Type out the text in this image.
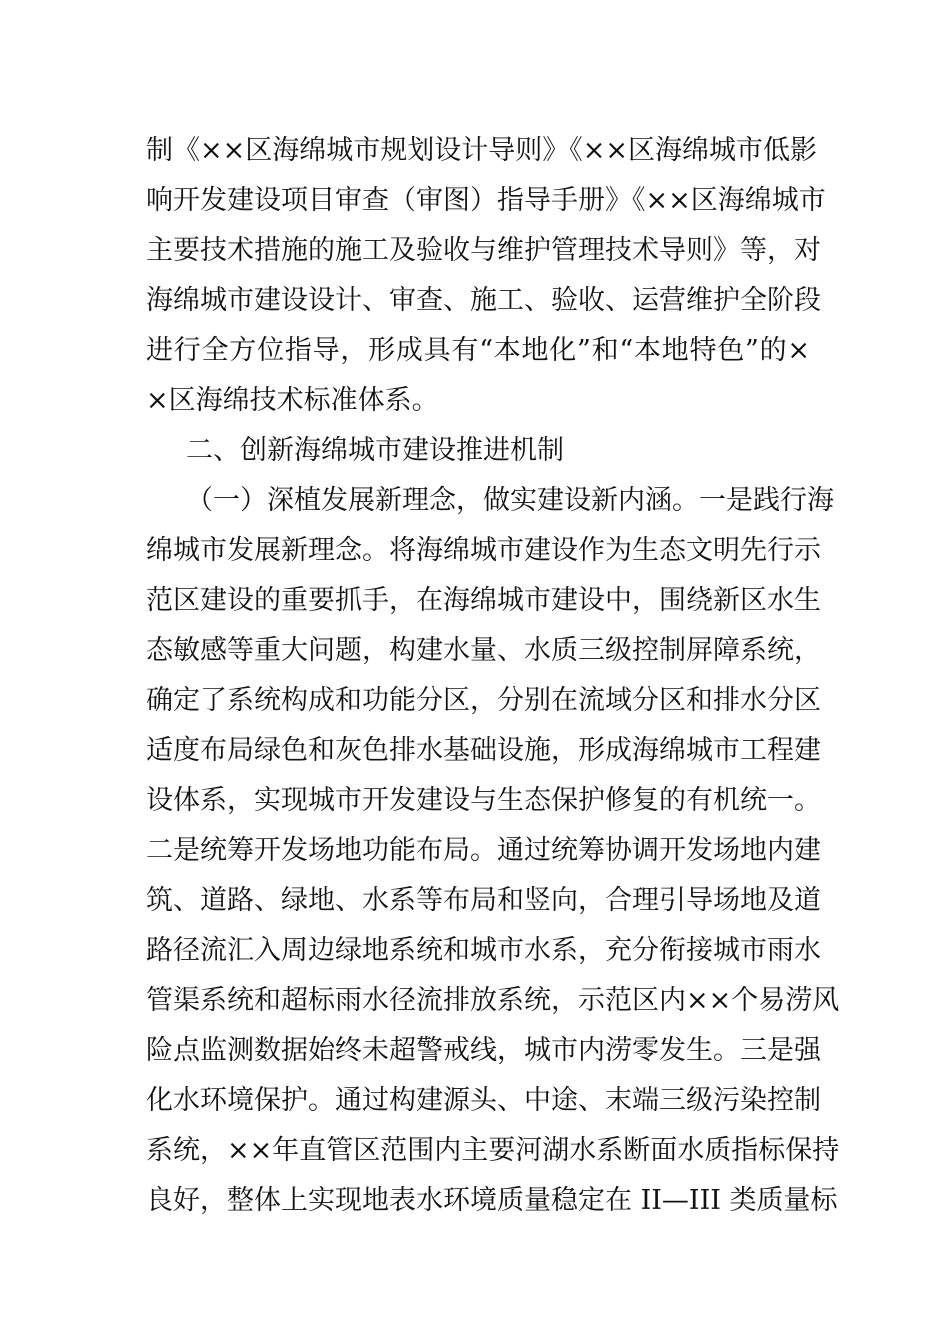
制《××区海绵城市规划设计导则》《××区海绵城市低影
响开发建设项目审查（审图）指导手册》《××区海绵城市
主要技术措施的施工及验收与维护管理技术导则》等，对
海绵城市建设设计、审查、施工、验收、运营维护全阶段
进行全方位指导，形成具有“本地化”和“本地特色”的×
×区海绵技术标准体系。
二、创新海绵城市建设推进机制
（一）深植发展新理念，做实建设新内涵。一是践行海
绵城市发展新理念。将海绵城市建设作为生态文明先行示
范区建设的重要抓手，在海绵城市建设中，围绕新区水生
态敏感等重大问题，构建水量、水质三级控制屏障系统，
确定了系统构成和功能分区，分别在流域分区和排水分区
适度布局绿色和灰色排水基础设施，形成海绵城市工程建
设体系，实现城市开发建设与生态保护修复的有机统一。
二是统筹开发场地功能布局。通过统筹协调开发场地内建
筑、道路、绿地、水系等布局和竖向，合理引导场地及道
路径流汇入周边绿地系统和城市水系，充分衔接城市雨水
管渠系统和超标雨水径流排放系统，示范区内××个易涝风
险点监测数据始终未超警戒线，城市内涝零发生。三是强
化水环境保护。通过构建源头、中途、末端三级污染控制
系统，××年直管区范围内主要河湖水系断面水质指标保持
良好，整体上实现地表水环境质量稳定在 II—III 类质量标
